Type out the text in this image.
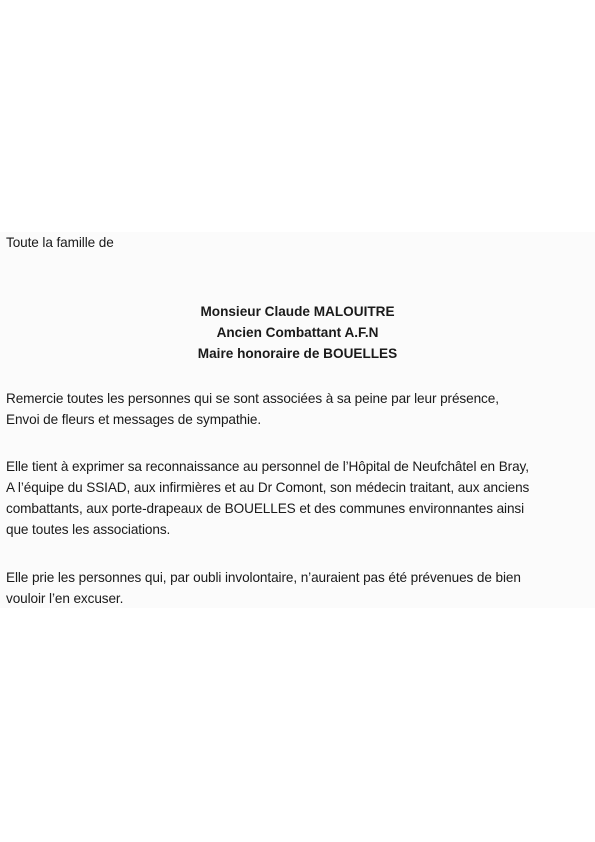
Toute la famille de
Monsieur Claude MALOUITRE
Ancien Combattant A.F.N
Maire honoraire de BOUELLES
Remercie toutes les personnes qui se sont associées à sa peine par leur présence,
Envoi de fleurs et messages de sympathie.
Elle tient à exprimer sa reconnaissance au personnel de l’Hôpital de Neufchâtel en Bray,
A l’équipe du SSIAD, aux infirmières et au Dr Comont, son médecin traitant, aux anciens
combattants, aux porte-drapeaux de BOUELLES et des communes environnantes ainsi
que toutes les associations.
Elle prie les personnes qui, par oubli involontaire, n’auraient pas été prévenues de bien
vouloir l’en excuser.
